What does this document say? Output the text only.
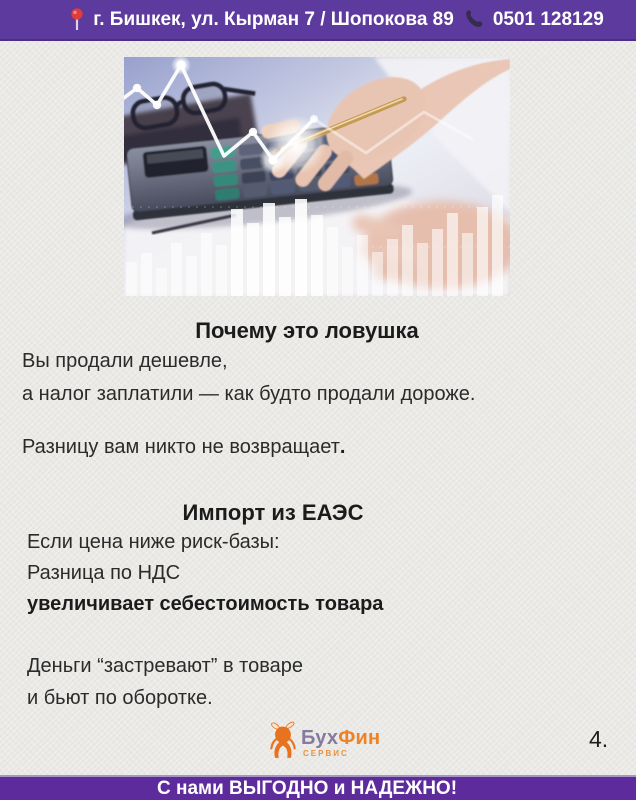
г. Бишкек, ул. Кырман 7 / Шопокова 89 0501 128129
Почему это ловушка

Вы продали дешевле,

а налог заплатили — как будто продали дороже.

Разницу вам никто не возвращает.

Импорт из ЕАЭС

Если цена ниже риск-базы:

Разница по НДС

увеличивает себестоимость товара

Деньги “застревают” в товаре

и бьют по оборотке.

БухФин
СЕРВИС
4.
С нами ВЫГОДНО и НАДЕЖНО!
